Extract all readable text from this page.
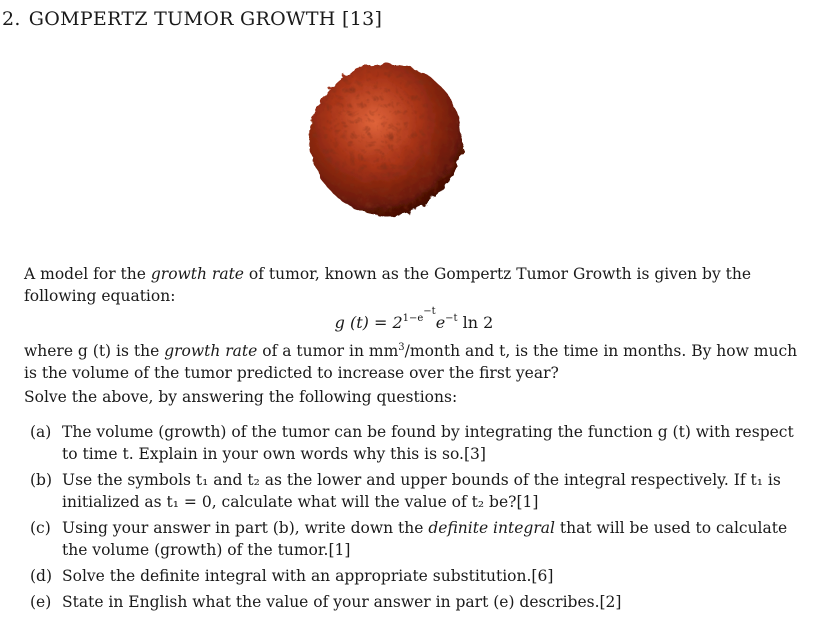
2. GOMPERTZ TUMOR GROWTH [13]
A model for the growth rate of tumor, known as the Gompertz Tumor Growth is given by the following equation:
g $(t) = 2^{1-e^{-t}}e^{-t}$ ln 2
where g (t) is the growth rate of a tumor in $mm^3$/month and t, is the time in months. By how much is the volume of the tumor predicted to increase over the first year?
Solve the above, by answering the following questions:
(a) The volume (growth) of the tumor can be found by integrating the function g (t) with respect to time t. Explain in your own words why this is so.[3]
(b) Use the symbols t₁ and t₂ as the lower and upper bounds of the integral respectively. If t₁ is initialized as t₁ = 0, calculate what will the value of t₂ be?[1]
(c) Using your answer in part (b), write down the definite integral that will be used to calculate the volume (growth) of the tumor.[1]
(d) Solve the definite integral with an appropriate substitution.[6]
(e) State in English what the value of your answer in part (e) describes.[2]
